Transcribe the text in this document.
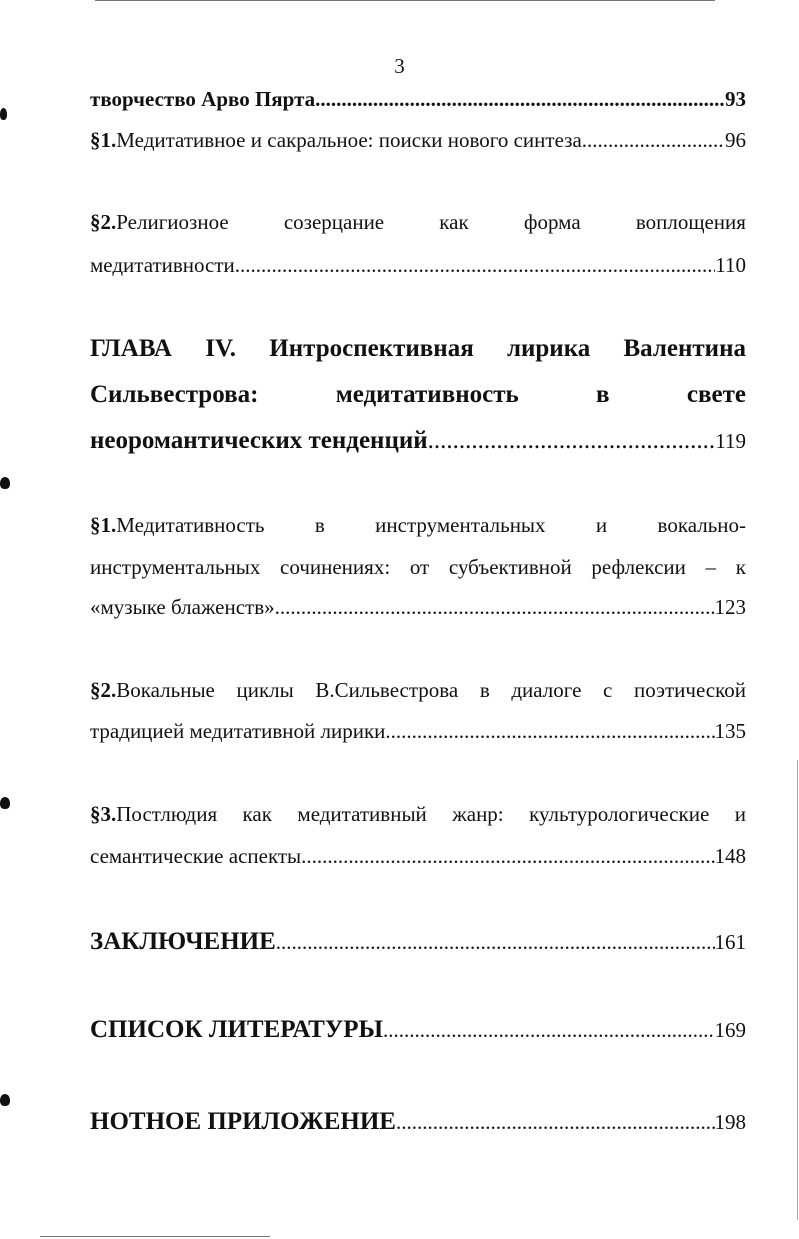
3
творчество Арво Пярта .....	93
§1. Медитативное и сакральное: поиски нового синтеза .....	96
§2.Религиозное	созерцание	как	форма	воплощения
медитативности .....	110
ГЛАВА IV. Интроспективная лирика Валентина
Сильвестрова:	медитативность	в	свете
неоромантических тенденций .....	119
§1.Медитативность в инструментальных и вокально-
инструментальных сочинениях: от субъективной рефлексии – к
«музыке блаженств» .....	123
§2.Вокальные циклы В.Сильвестрова в диалоге с поэтической
традицией медитативной лирики .....	135
§3.Постлюдия как медитативный жанр: культурологические и
семантические аспекты .....	148
ЗАКЛЮЧЕНИЕ .....	161
СПИСОК ЛИТЕРАТУРЫ .....	169
НОТНОЕ ПРИЛОЖЕНИЕ .....	198
